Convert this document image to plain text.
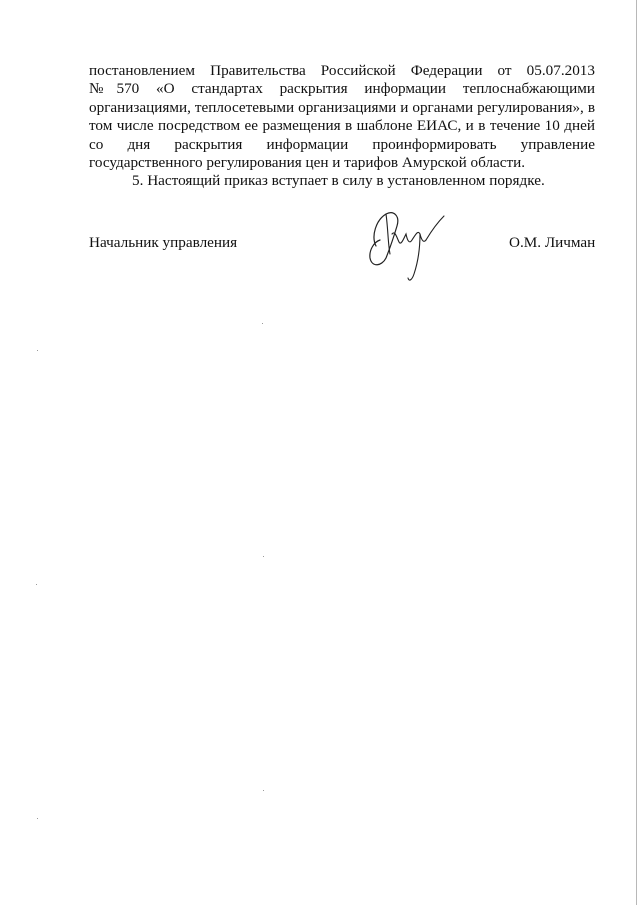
постановлением Правительства Российской Федерации от 05.07.2013
№570 «О стандартах раскрытия информации теплоснабжающими
организациями, теплосетевыми организациями и органами регулирования», в
том числе посредством ее размещения в шаблоне ЕИАС, и в течение 10 дней
со дня раскрытия информации проинформировать управление
государственного регулирования цен и тарифов Амурской области.
5. Настоящий приказ вступает в силу в установленном порядке.
Начальник управления	О.М. Личман
